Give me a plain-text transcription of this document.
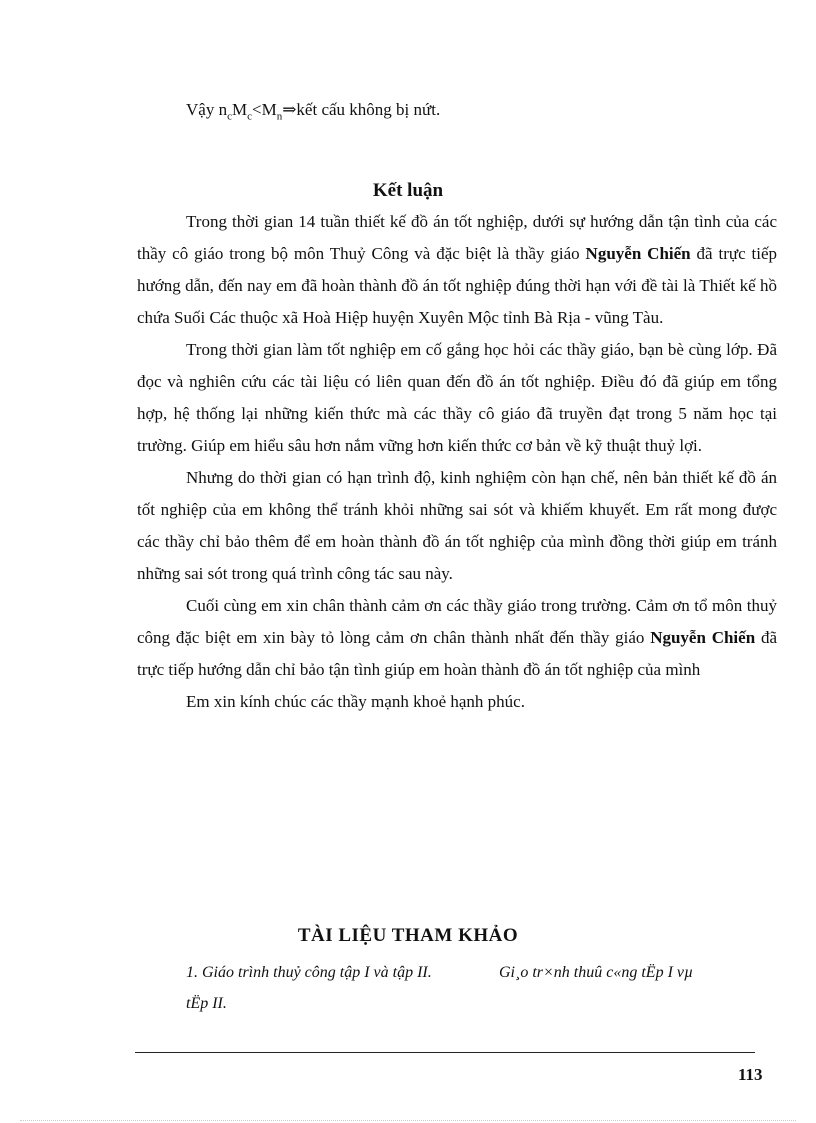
Vậy $n_cM_c<M_n\Rightarrow kết$ cấu không bị nứt.
Kết luận

Trong thời gian 14 tuần thiết kế đồ án tốt nghiệp, dưới sự hướng dẫn tận tình của các thầy cô giáo trong bộ môn Thuỷ Công và đặc biệt là thầy giáo Nguyễn Chiến đã trực tiếp hướng dẫn, đến nay em đã hoàn thành đồ án tốt nghiệp đúng thời hạn với đề tài là Thiết kế hồ chứa Suối Các thuộc xã Hoà Hiệp huyện Xuyên Mộc tỉnh Bà Rịa - vũng Tàu.

Trong thời gian làm tốt nghiệp em cố gắng học hỏi các thầy giáo, bạn bè cùng lớp. Đã đọc và nghiên cứu các tài liệu có liên quan đến đồ án tốt nghiệp. Điều đó đã giúp em tổng hợp, hệ thống lại những kiến thức mà các thầy cô giáo đã truyền đạt trong 5 năm học tại trường. Giúp em hiểu sâu hơn nắm vững hơn kiến thức cơ bản về kỹ thuật thuỷ lợi.

Nhưng do thời gian có hạn trình độ, kinh nghiệm còn hạn chế, nên bản thiết kế đồ án tốt nghiệp của em không thể tránh khỏi những sai sót và khiếm khuyết. Em rất mong được các thầy chỉ bảo thêm để em hoàn thành đồ án tốt nghiệp của mình đồng thời giúp em tránh những sai sót trong quá trình công tác sau này.

Cuối cùng em xin chân thành cảm ơn các thầy giáo trong trường. Cảm ơn tổ môn thuỷ công đặc biệt em xin bày tỏ lòng cảm ơn chân thành nhất đến thầy giáo Nguyễn Chiến đã trực tiếp hướng dẫn chỉ bảo tận tình giúp em hoàn thành đồ án tốt nghiệp của mình

Em xin kính chúc các thầy mạnh khoẻ hạnh phúc.

TÀI LIỆU THAM KHẢO
1. Giáo trình thuỷ công tập I và tập II.	Gi¸o tr×nh thuû c«ng tËp I vµ
tËp II.
113
